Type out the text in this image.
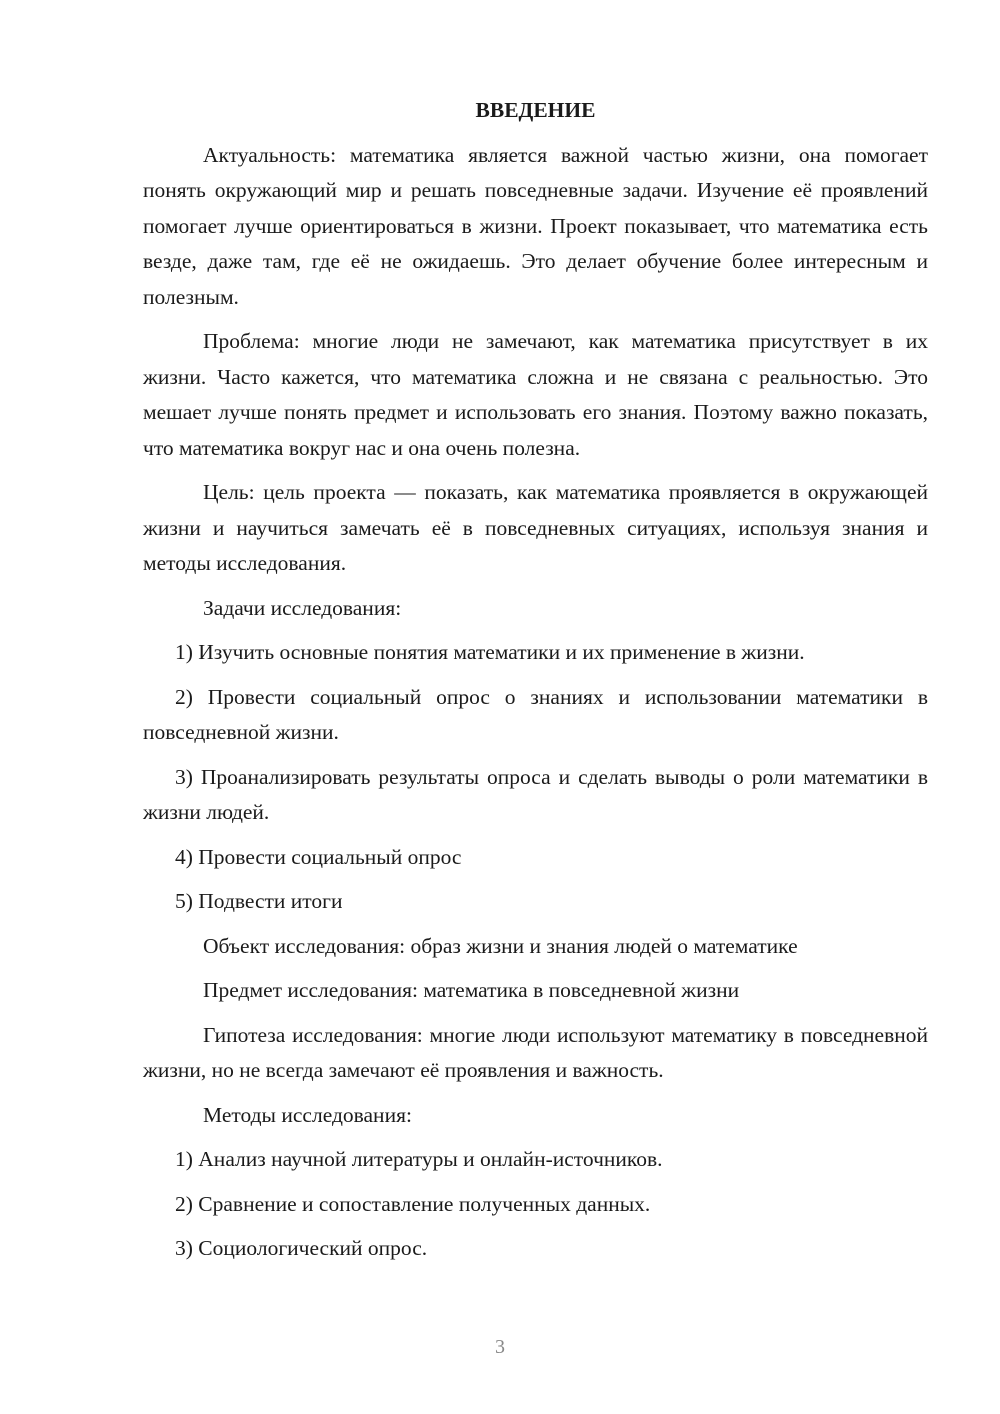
ВВЕДЕНИЕ

Актуальность: математика является важной частью жизни, она помогает понять окружающий мир и решать повседневные задачи. Изучение её проявлений помогает лучше ориентироваться в жизни. Проект показывает, что математика есть везде, даже там, где её не ожидаешь. Это делает обучение более интересным и полезным.

Проблема: многие люди не замечают, как математика присутствует в их жизни. Часто кажется, что математика сложна и не связана с реальностью. Это мешает лучше понять предмет и использовать его знания. Поэтому важно показать, что математика вокруг нас и она очень полезна.

Цель: цель проекта — показать, как математика проявляется в окружающей жизни и научиться замечать её в повседневных ситуациях, используя знания и методы исследования.

Задачи исследования:

1) Изучить основные понятия математики и их применение в жизни.

2) Провести социальный опрос о знаниях и использовании математики в повседневной жизни.

3) Проанализировать результаты опроса и сделать выводы о роли математики в жизни людей.

4) Провести социальный опрос

5) Подвести итоги

Объект исследования: образ жизни и знания людей о математике

Предмет исследования: математика в повседневной жизни

Гипотеза исследования: многие люди используют математику в повседневной жизни, но не всегда замечают её проявления и важность.

Методы исследования:

1) Анализ научной литературы и онлайн-источников.

2) Сравнение и сопоставление полученных данных.

3) Социологический опрос.

3
